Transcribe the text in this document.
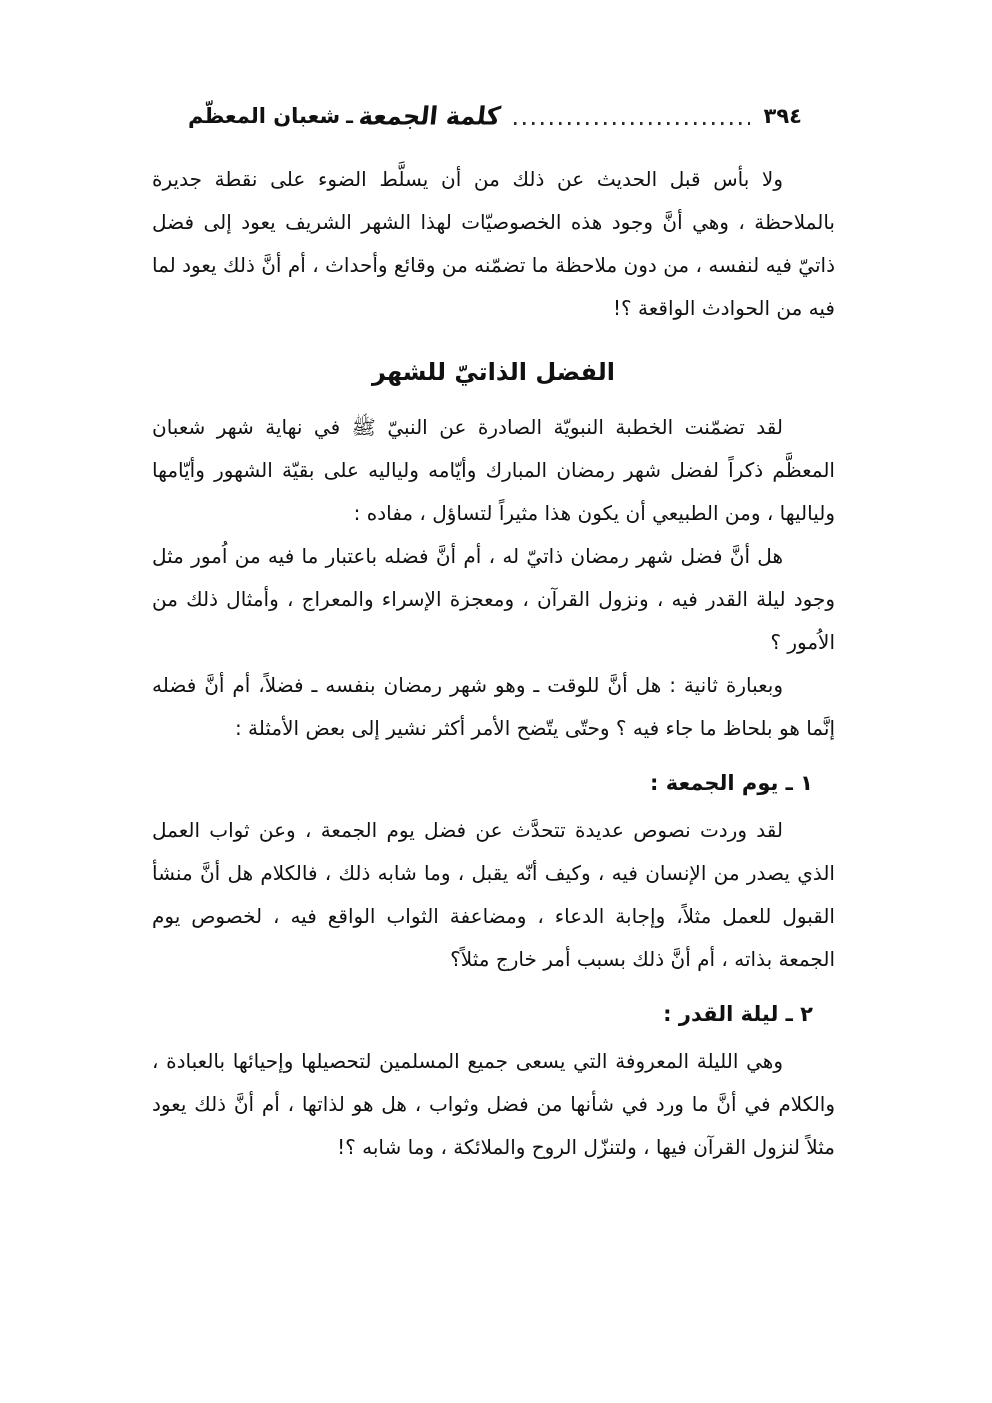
٣٩٤
كلمة الجمعة
ـ
شعبان المعظّم

ولا بأس قبل الحديث عن ذلك من أن يسلَّط الضوء على نقطة جديرة بالملاحظة ، وهي أنَّ وجود هذه الخصوصيّات لهذا الشهر الشريف يعود إلى فضل ذاتيّ فيه لنفسه ، من دون ملاحظة ما تضمّنه من وقائع وأحداث ، أم أنَّ ذلك يعود لما فيه من الحوادث الواقعة ؟!

الفضل الذاتيّ للشهر

لقد تضمّنت الخطبة النبويّة الصادرة عن النبيّ ﷺ في نهاية شهر شعبان المعظَّم ذكراً لفضل شهر رمضان المبارك وأيّامه ولياليه على بقيّة الشهور وأيّامها ولياليها ، ومن الطبيعي أن يكون هذا مثيراً لتساؤل ، مفاده :

هل أنَّ فضل شهر رمضان ذاتيّ له ، أم أنَّ فضله باعتبار ما فيه من اُمور مثل وجود ليلة القدر فيه ، ونزول القرآن ، ومعجزة الإسراء والمعراج ، وأمثال ذلك من الاُمور ؟

وبعبارة ثانية : هل أنَّ للوقت ـ وهو شهر رمضان بنفسه ـ فضلاً، أم أنَّ فضله إنَّما هو بلحاظ ما جاء فيه ؟ وحتّى يتّضح الأمر أكثر نشير إلى بعض الأمثلة :

١ ـ يوم الجمعة :

لقد وردت نصوص عديدة تتحدَّث عن فضل يوم الجمعة ، وعن ثواب العمل الذي يصدر من الإنسان فيه ، وكيف أنّه يقبل ، وما شابه ذلك ، فالكلام هل أنَّ منشأ القبول للعمل مثلاً، وإجابة الدعاء ، ومضاعفة الثواب الواقع فيه ، لخصوص يوم الجمعة بذاته ، أم أنَّ ذلك بسبب أمر خارج مثلاً؟

٢ ـ ليلة القدر :

وهي الليلة المعروفة التي يسعى جميع المسلمين لتحصيلها وإحيائها بالعبادة ، والكلام في أنَّ ما ورد في شأنها من فضل وثواب ، هل هو لذاتها ، أم أنَّ ذلك يعود مثلاً لنزول القرآن فيها ، ولتنزّل الروح والملائكة ، وما شابه ؟!
